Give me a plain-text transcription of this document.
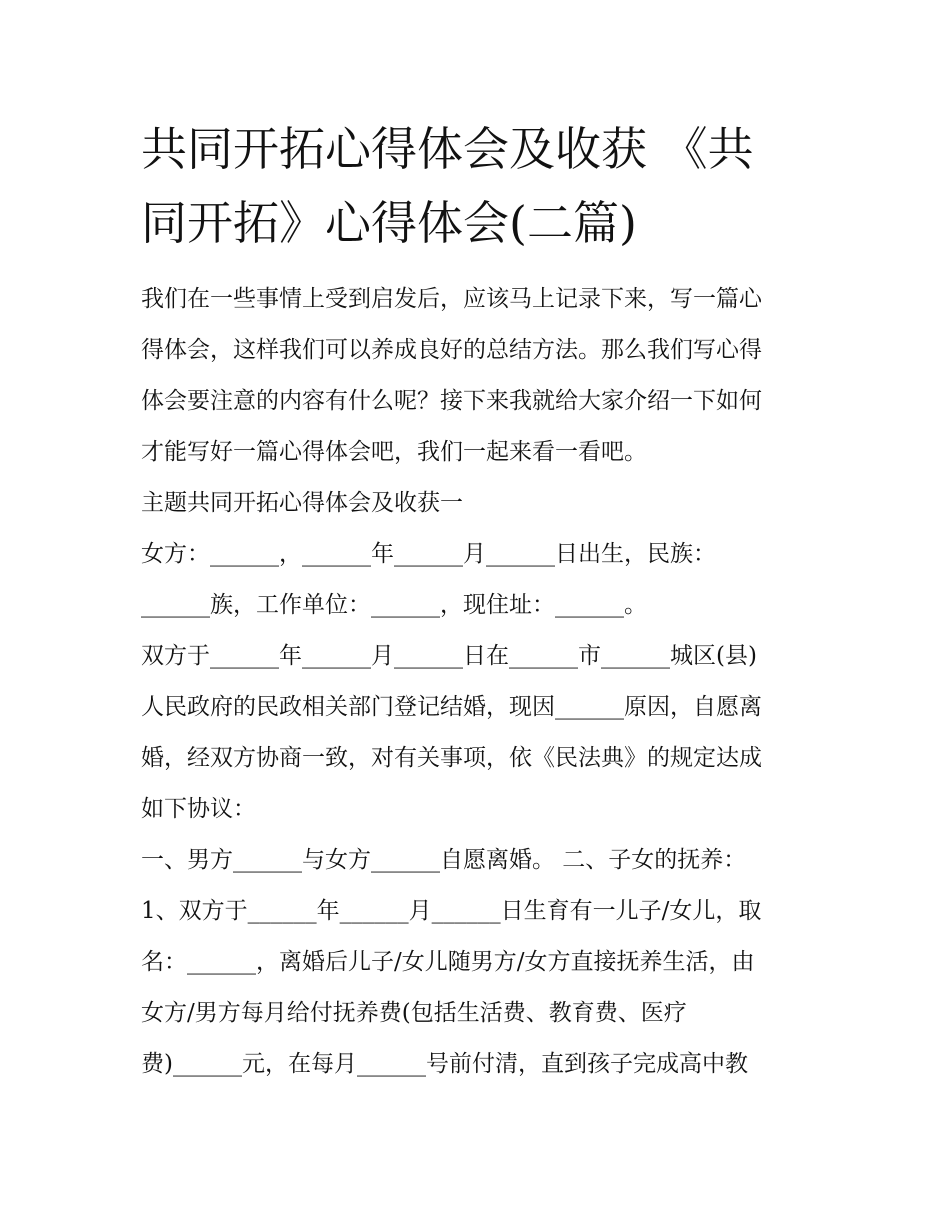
共同开拓心得体会及收获 《共
同开拓》心得体会(二篇)
我们在一些事情上受到启发后，应该马上记录下来，写一篇心
得体会，这样我们可以养成良好的总结方法。那么我们写心得
体会要注意的内容有什么呢？接下来我就给大家介绍一下如何
才能写好一篇心得体会吧，我们一起来看一看吧。
主题共同开拓心得体会及收获一
女方：______，______年______月______日出生，民族：
______族，工作单位：______，现住址：______。
双方于______年______月______日在______市______城区(县)
人民政府的民政相关部门登记结婚，现因______原因，自愿离
婚，经双方协商一致，对有关事项，依《民法典》的规定达成
如下协议：
一、男方______与女方______自愿离婚。 二、子女的抚养：
1、双方于______年______月______日生育有一儿子/女儿，取
名：______，离婚后儿子/女儿随男方/女方直接抚养生活，由
女方/男方每月给付抚养费(包括生活费、教育费、医疗
费)______元，在每月______号前付清，直到孩子完成高中教
